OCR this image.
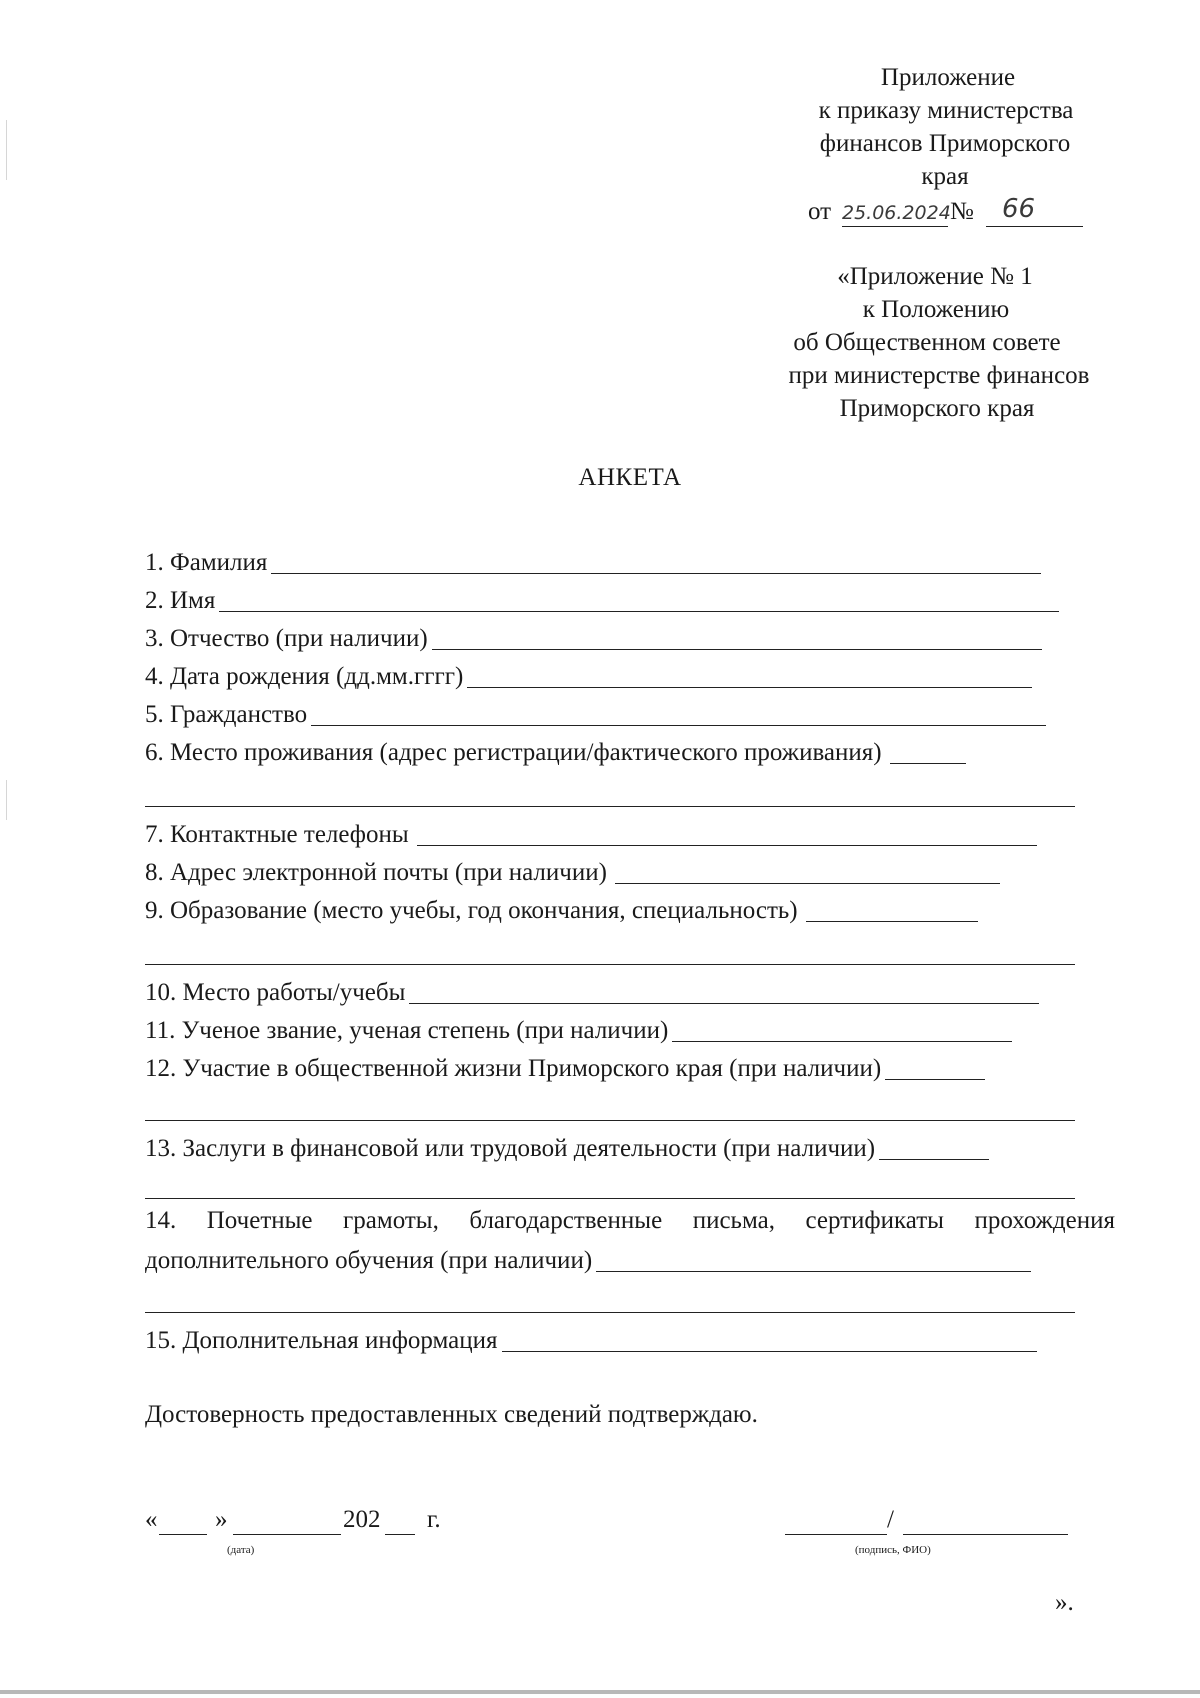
Приложение
к приказу министерства
финансов Приморского
края
от 25.06.2024 № 66
«Приложение № 1
к Положению
об Общественном совете
при министерстве финансов
Приморского края
АНКЕТА
1. Фамилия
2. Имя
3. Отчество (при наличии)
4. Дата рождения (дд.мм.гггг)
5. Гражданство
6. Место проживания (адрес регистрации/фактического проживания)
7. Контактные телефоны
8. Адрес электронной почты (при наличии)
9. Образование (место учебы, год окончания, специальность)
10. Место работы/учебы
11. Ученое звание, ученая степень (при наличии)
12. Участие в общественной жизни Приморского края (при наличии)
13. Заслуги в финансовой или трудовой деятельности (при наличии)
14. Почетные грамоты, благодарственные письма, сертификаты прохождения
дополнительного обучения (при наличии)
15. Дополнительная информация
Достоверность предоставленных сведений подтверждаю.
« »	202 г.
(дата)
/
(подпись, ФИО)
».
